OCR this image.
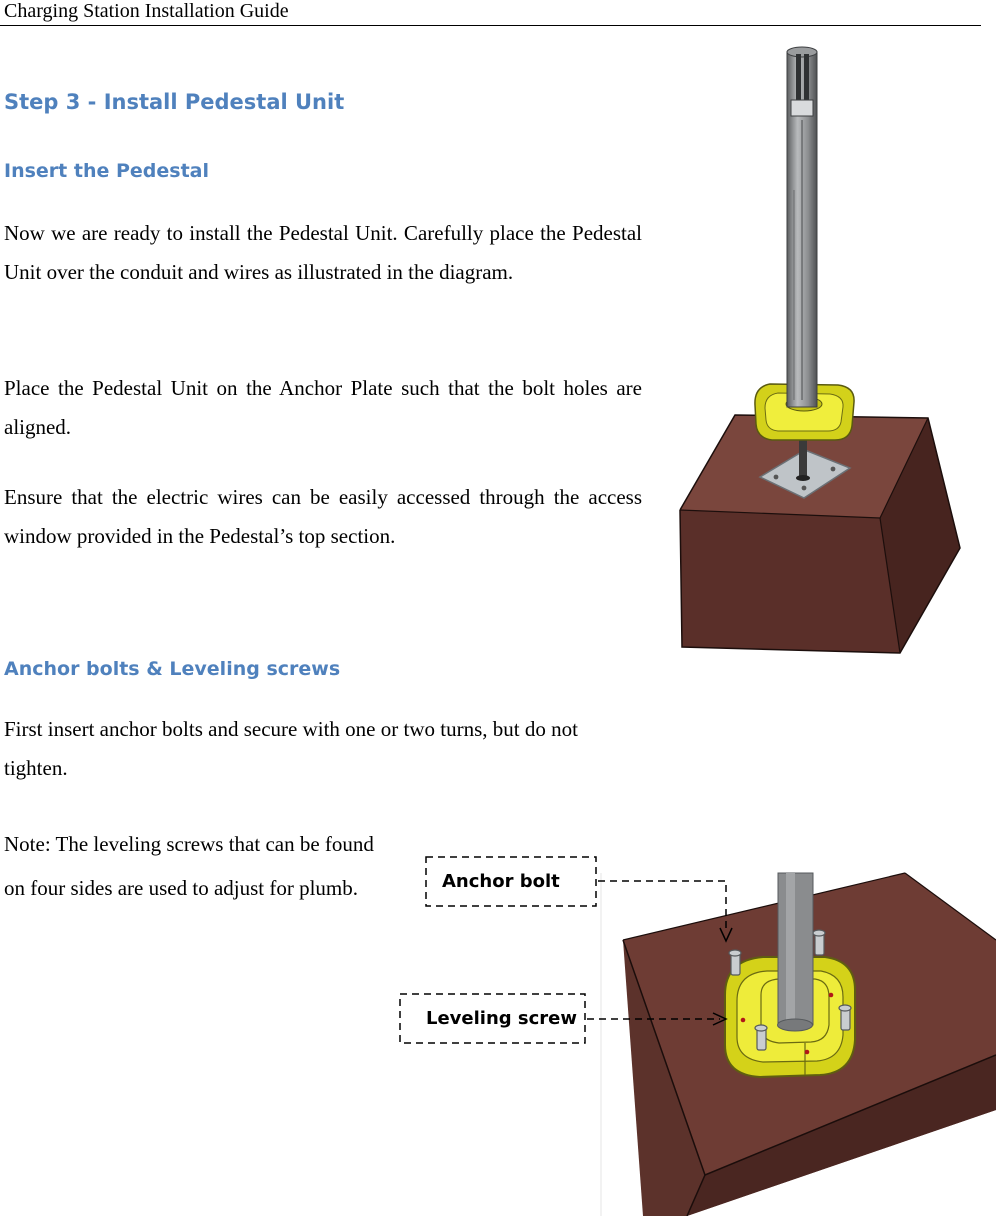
Charging Station Installation Guide
Step 3 - Install Pedestal Unit
Insert the Pedestal

Now we are ready to install the Pedestal Unit. Carefully place the Pedestal Unit over the conduit and wires as illustrated in the diagram.

Place the Pedestal Unit on the Anchor Plate such that the bolt holes are aligned.

Ensure that the electric wires can be easily accessed through the access window provided in the Pedestal’s top section.

Anchor bolts & Leveling screws

First insert anchor bolts and secure with one or two turns, but do not tighten.

Note: The leveling screws that can be found on four sides are used to adjust for plumb.	Anchor bolt
Leveling screw
